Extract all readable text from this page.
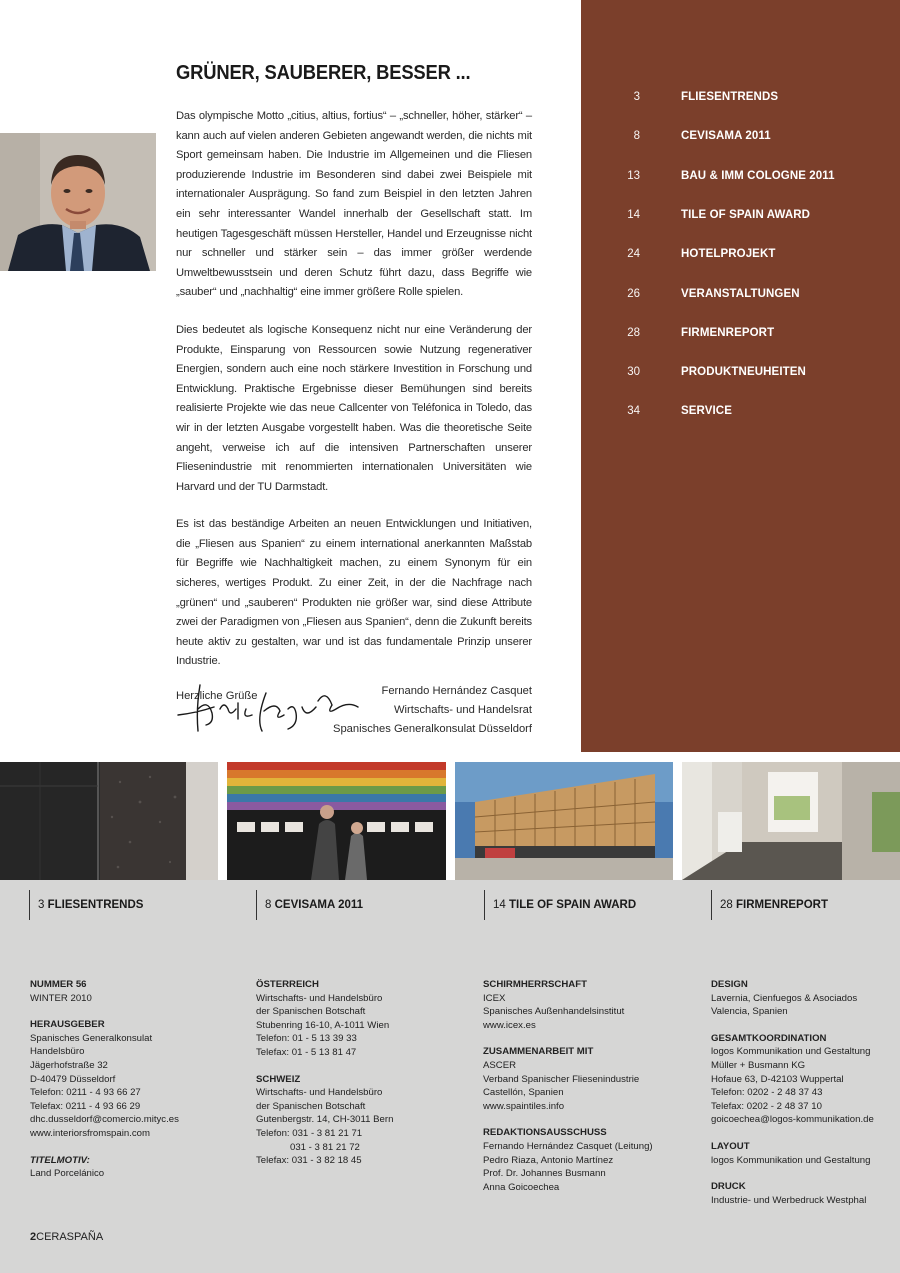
GRÜNER, SAUBERER, BESSER ...

Das olympische Motto „citius, altius, fortius“ – „schneller, höher, stärker“ – kann auch auf vielen anderen Gebieten angewandt werden, die nichts mit Sport gemeinsam haben. Die Industrie im Allgemeinen und die Fliesen produzierende Industrie im Besonderen sind dabei zwei Beispiele mit internationaler Ausprägung. So fand zum Beispiel in den letzten Jahren ein sehr interessanter Wandel innerhalb der Gesellschaft statt. Im heutigen Tagesgeschäft müssen Hersteller, Handel und Erzeugnisse nicht nur schneller und stärker sein – das immer größer werdende Umweltbewusstsein und deren Schutz führt dazu, dass Begriffe wie „sauber“ und „nachhaltig“ eine immer größere Rolle spielen.

Dies bedeutet als logische Konsequenz nicht nur eine Veränderung der Produkte, Einsparung von Ressourcen sowie Nutzung regenerativer Energien, sondern auch eine noch stärkere Investition in Forschung und Entwicklung. Praktische Ergebnisse dieser Bemühungen sind bereits realisierte Projekte wie das neue Callcenter von Teléfonica in Toledo, das wir in der letzten Ausgabe vorgestellt haben. Was die theoretische Seite angeht, verweise ich auf die intensiven Partnerschaften unserer Fliesenindustrie mit renommierten internationalen Universitäten wie Harvard und der TU Darmstadt.

Es ist das beständige Arbeiten an neuen Entwicklungen und Initiativen, die „Fliesen aus Spanien“ zu einem international anerkannten Maßstab für Begriffe wie Nachhaltigkeit machen, zu einem Synonym für ein sicheres, wertiges Produkt. Zu einer Zeit, in der die Nachfrage nach „grünen“ und „sauberen“ Produkten nie größer war, sind diese Attribute zwei der Paradigmen von „Fliesen aus Spanien“, denn die Zukunft bereits heute aktiv zu gestalten, war und ist das fundamentale Prinzip unserer Industrie.

Herzliche Grüße	Fernando Hernández Casquet
Wirtschafts- und Handelsrat
Spanisches Generalkonsulat Düsseldorf
3	FLIESENTRENDS
8	CEVISAMA 2011
13	BAU & IMM COLOGNE 2011
14	TILE OF SPAIN AWARD
24	HOTELPROJEKT
26	VERANSTALTUNGEN
28	FIRMENREPORT
30	PRODUKTNEUHEITEN
34	SERVICE
3 FLIESENTRENDS	8 CEVISAMA 2011	14 TILE OF SPAIN AWARD	28 FIRMENREPORT
NUMMER 56
WINTER 2010
HERAUSGEBER
Spanisches Generalkonsulat
Handelsbüro
Jägerhofstraße 32
D-40479 Düsseldorf
Telefon: 0211 - 4 93 66 27
Telefax: 0211 - 4 93 66 29
dhc.dusseldorf@comercio.mityc.es
www.interiorsfromspain.com
TITELMOTIV:
Land Porcelánico
ÖSTERREICH
Wirtschafts- und Handelsbüro
der Spanischen Botschaft
Stubenring 16-10, A-1011 Wien
Telefon: 01 - 5 13 39 33
Telefax: 01 - 5 13 81 47
SCHWEIZ
Wirtschafts- und Handelsbüro
der Spanischen Botschaft
Gutenbergstr. 14, CH-3011 Bern
Telefon: 031 - 3 81 21 71
031 - 3 81 21 72
Telefax: 031 - 3 82 18 45
SCHIRMHERRSCHAFT
ICEX
Spanisches Außenhandelsinstitut
www.icex.es
ZUSAMMENARBEIT MIT
ASCER
Verband Spanischer Fliesenindustrie
Castellón, Spanien
www.spaintiles.info
REDAKTIONSAUSSCHUSS
Fernando Hernández Casquet (Leitung)
Pedro Riaza, Antonio Martínez
Prof. Dr. Johannes Busmann
Anna Goicoechea
DESIGN
Lavernia, Cienfuegos & Asociados
Valencia, Spanien
GESAMTKOORDINATION
logos Kommunikation und Gestaltung
Müller + Busmann KG
Hofaue 63, D-42103 Wuppertal
Telefon: 0202 - 2 48 37 43
Telefax: 0202 - 2 48 37 10
goicoechea@logos-kommunikation.de
LAYOUT
logos Kommunikation und Gestaltung
DRUCK
Industrie- und Werbedruck Westphal
2CERASPAÑA
